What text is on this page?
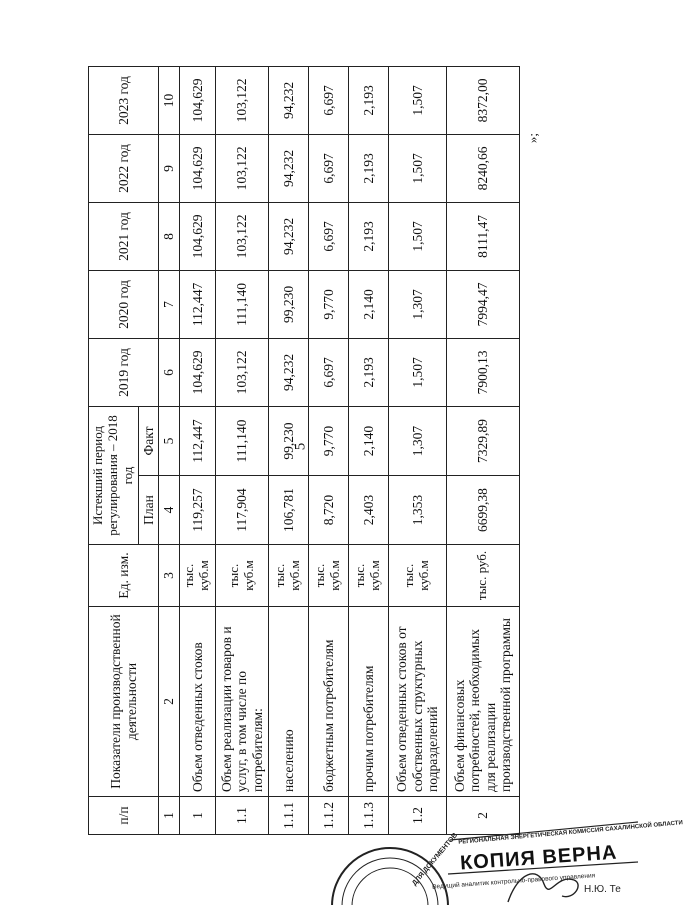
5
»;
п/п	Показатели производственной деятельности	Ед. изм.	Истекший период регулирования – 2018 год		2019 год	2020 год	2021 год	2022 год	2023 год
			План	Факт					
1	2	3	4	5	6	7	8	9	10
1	Объем отведенных стоков	тыс. куб.м	119,257	112,447	104,629	112,447	104,629	104,629	104,629
1.1	Объем реализации товаров и услуг, в том числе по потребителям:	тыс. куб.м	117,904	111,140	103,122	111,140	103,122	103,122	103,122
1.1.1	населению	тыс. куб.м	106,781	99,230	94,232	99,230	94,232	94,232	94,232
1.1.2	бюджетным потребителям	тыс. куб.м	8,720	9,770	6,697	9,770	6,697	6,697	6,697
1.1.3	прочим потребителям	тыс. куб.м	2,403	2,140	2,193	2,140	2,193	2,193	2,193
1.2	Объем отведенных стоков от собственных структурных подразделений	тыс. куб.м	1,353	1,307	1,507	1,307	1,507	1,507	1,507
2	Объем финансовых потребностей, необходимых для реализации производственной программы	тыс. руб.	6699,38	7329,89	7900,13	7994,47	8111,47	8240,66	8372,00
РЕГИОНАЛЬНАЯ ЭНЕРГЕТИЧЕСКАЯ КОМИССИЯ САХАЛИНСКОЙ ОБЛАСТИ
КОПИЯ ВЕРНА
Ведущий аналитик контрольно-правового управления
Н.Ю. Те
ДЛЯ ДОКУМЕНТОВ
